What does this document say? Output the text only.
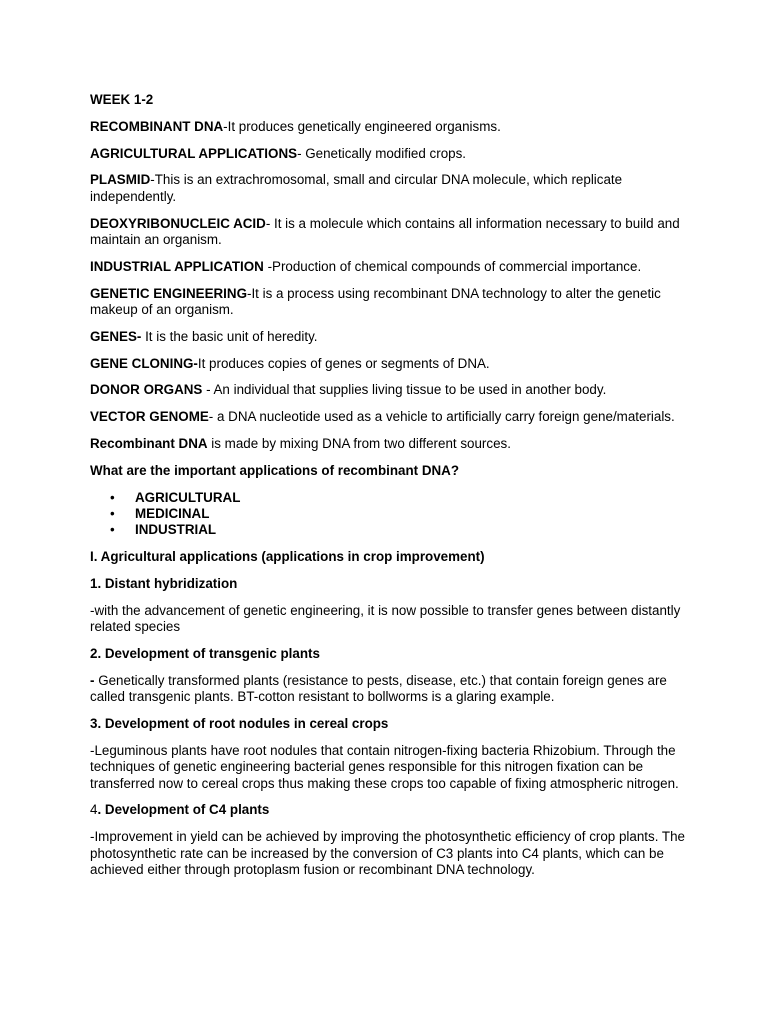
WEEK 1-2

RECOMBINANT DNA-It produces genetically engineered organisms.

AGRICULTURAL APPLICATIONS- Genetically modified crops.

PLASMID-This is an extrachromosomal, small and circular DNA molecule, which replicate independently.

DEOXYRIBONUCLEIC ACID- It is a molecule which contains all information necessary to build and maintain an organism.

INDUSTRIAL APPLICATION -Production of chemical compounds of commercial importance.

GENETIC ENGINEERING-It is a process using recombinant DNA technology to alter the genetic makeup of an organism.

GENES- It is the basic unit of heredity.

GENE CLONING-It produces copies of genes or segments of DNA.

DONOR ORGANS - An individual that supplies living tissue to be used in another body.

VECTOR GENOME- a DNA nucleotide used as a vehicle to artificially carry foreign gene/materials.

Recombinant DNA is made by mixing DNA from two different sources.

What are the important applications of recombinant DNA?

• AGRICULTURAL
• MEDICINAL
• INDUSTRIAL

I. Agricultural applications (applications in crop improvement)

1. Distant hybridization

-with the advancement of genetic engineering, it is now possible to transfer genes between distantly related species

2. Development of transgenic plants

- Genetically transformed plants (resistance to pests, disease, etc.) that contain foreign genes are called transgenic plants. BT-cotton resistant to bollworms is a glaring example.

3. Development of root nodules in cereal crops

-Leguminous plants have root nodules that contain nitrogen-fixing bacteria Rhizobium. Through the techniques of genetic engineering bacterial genes responsible for this nitrogen fixation can be transferred now to cereal crops thus making these crops too capable of fixing atmospheric nitrogen.

4. Development of C4 plants

-Improvement in yield can be achieved by improving the photosynthetic efficiency of crop plants. The photosynthetic rate can be increased by the conversion of C3 plants into C4 plants, which can be achieved either through protoplasm fusion or recombinant DNA technology.
